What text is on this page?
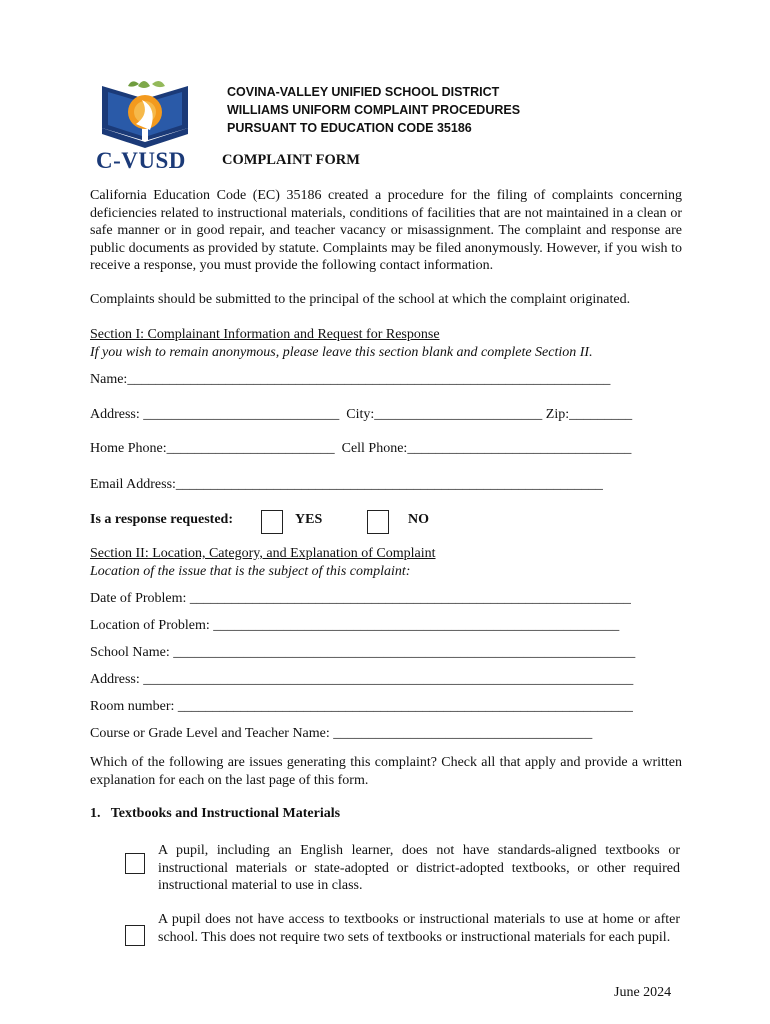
C-VUSD
COVINA-VALLEY UNIFIED SCHOOL DISTRICT
WILLIAMS UNIFORM COMPLAINT PROCEDURES
PURSUANT TO EDUCATION CODE 35186
COMPLAINT FORM
California Education Code (EC) 35186 created a procedure for the filing of complaints concerning deficiencies related to instructional materials, conditions of facilities that are not maintained in a clean or safe manner or in good repair, and teacher vacancy or misassignment. The complaint and response are public documents as provided by statute. Complaints may be filed anonymously. However, if you wish to receive a response, you must provide the following contact information.
Complaints should be submitted to the principal of the school at which the complaint originated.
Section I: Complainant Information and Request for Response
If you wish to remain anonymous, please leave this section blank and complete Section II.
Name:_____________________________________________________________________
Address: ____________________________  City:________________________ Zip:_________
Home Phone:________________________  Cell Phone:________________________________
Email Address:_____________________________________________________________
Is a response requested:	YES	NO
Section II: Location, Category, and Explanation of Complaint
Location of the issue that is the subject of this complaint:
Date of Problem: _______________________________________________________________
Location of Problem: __________________________________________________________
School Name: __________________________________________________________________
Address: ______________________________________________________________________
Room number: _________________________________________________________________
Course or Grade Level and Teacher Name: _____________________________________
Which of the following are issues generating this complaint? Check all that apply and provide a written explanation for each on the last page of this form.
1.   Textbooks and Instructional Materials
A pupil, including an English learner, does not have standards-aligned textbooks or instructional materials or state-adopted or district-adopted textbooks, or other required instructional material to use in class.
A pupil does not have access to textbooks or instructional materials to use at home or after school. This does not require two sets of textbooks or instructional materials for each pupil.
June 2024
